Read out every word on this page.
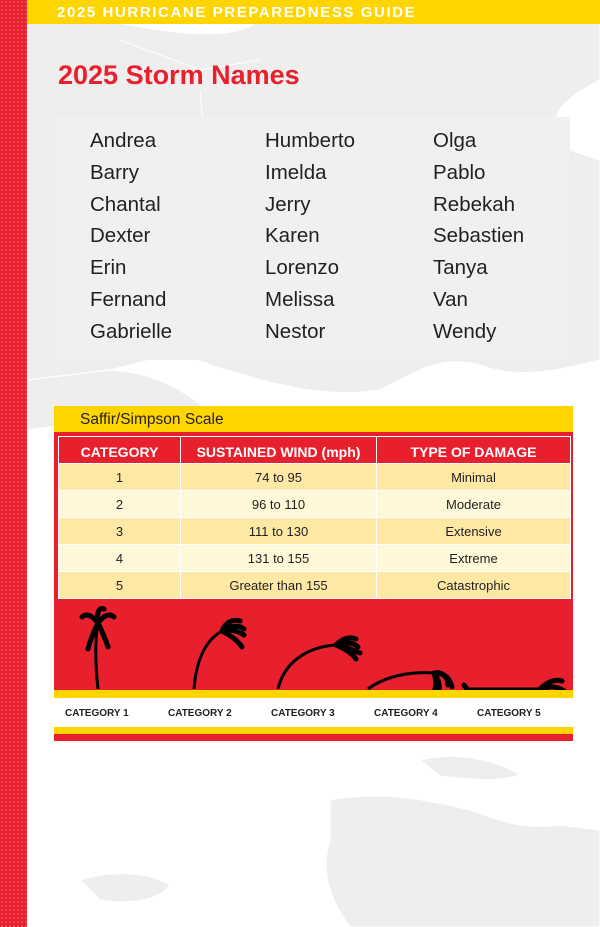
2025 HURRICANE PREPAREDNESS GUIDE
2025 Storm Names
Andrea
Barry
Chantal
Dexter
Erin
Fernand
Gabrielle
Humberto
Imelda
Jerry
Karen
Lorenzo
Melissa
Nestor
Olga
Pablo
Rebekah
Sebastien
Tanya
Van
Wendy
Saffir/Simpson Scale
CATEGORY	SUSTAINED WIND (mph)	TYPE OF DAMAGE
1	74 to 95	Minimal
2	96 to 110	Moderate
3	111 to 130	Extensive
4	131 to 155	Extreme
5	Greater than 155	Catastrophic
CATEGORY 1	CATEGORY 2	CATEGORY 3	CATEGORY 4	CATEGORY 5
